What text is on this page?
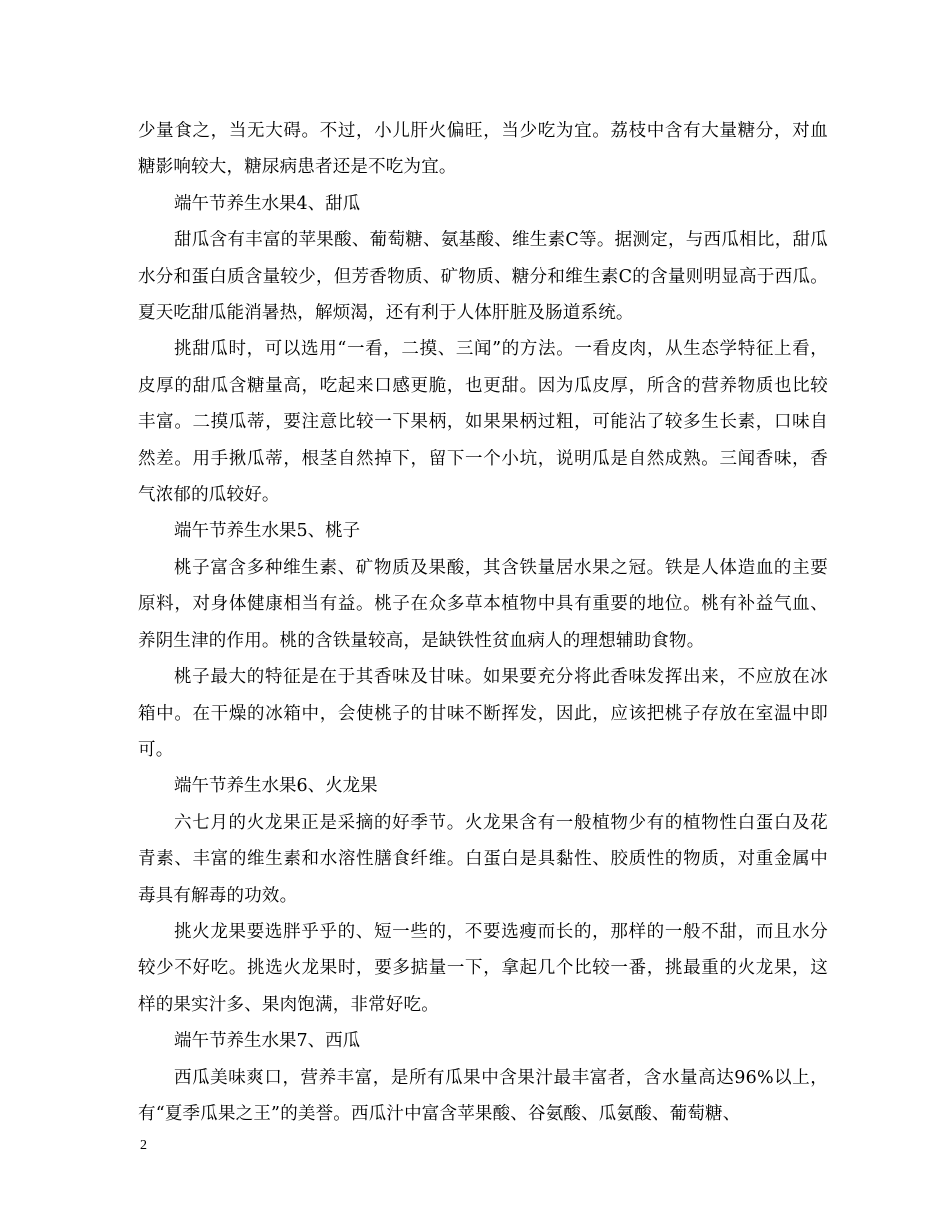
少量食之，当无大碍。不过，小儿肝火偏旺，当少吃为宜。荔枝中含有大量糖分，对血糖影响较大，糖尿病患者还是不吃为宜。

端午节养生水果4、甜瓜

甜瓜含有丰富的苹果酸、葡萄糖、氨基酸、维生素C等。据测定，与西瓜相比，甜瓜水分和蛋白质含量较少，但芳香物质、矿物质、糖分和维生素C的含量则明显高于西瓜。夏天吃甜瓜能消暑热，解烦渴，还有利于人体肝脏及肠道系统。

挑甜瓜时，可以选用“一看，二摸、三闻”的方法。一看皮肉，从生态学特征上看，皮厚的甜瓜含糖量高，吃起来口感更脆，也更甜。因为瓜皮厚，所含的营养物质也比较丰富。二摸瓜蒂，要注意比较一下果柄，如果果柄过粗，可能沾了较多生长素，口味自然差。用手揪瓜蒂，根茎自然掉下，留下一个小坑，说明瓜是自然成熟。三闻香味，香气浓郁的瓜较好。

端午节养生水果5、桃子

桃子富含多种维生素、矿物质及果酸，其含铁量居水果之冠。铁是人体造血的主要原料，对身体健康相当有益。桃子在众多草本植物中具有重要的地位。桃有补益气血、养阴生津的作用。桃的含铁量较高，是缺铁性贫血病人的理想辅助食物。

桃子最大的特征是在于其香味及甘味。如果要充分将此香味发挥出来，不应放在冰箱中。在干燥的冰箱中，会使桃子的甘味不断挥发，因此，应该把桃子存放在室温中即可。

端午节养生水果6、火龙果

六七月的火龙果正是采摘的好季节。火龙果含有一般植物少有的植物性白蛋白及花青素、丰富的维生素和水溶性膳食纤维。白蛋白是具黏性、胶质性的物质，对重金属中毒具有解毒的功效。

挑火龙果要选胖乎乎的、短一些的，不要选瘦而长的，那样的一般不甜，而且水分较少不好吃。挑选火龙果时，要多掂量一下，拿起几个比较一番，挑最重的火龙果，这样的果实汁多、果肉饱满，非常好吃。

端午节养生水果7、西瓜

西瓜美味爽口，营养丰富，是所有瓜果中含果汁最丰富者，含水量高达96%以上，有“夏季瓜果之王”的美誉。西瓜汁中富含苹果酸、谷氨酸、瓜氨酸、葡萄糖、

2
